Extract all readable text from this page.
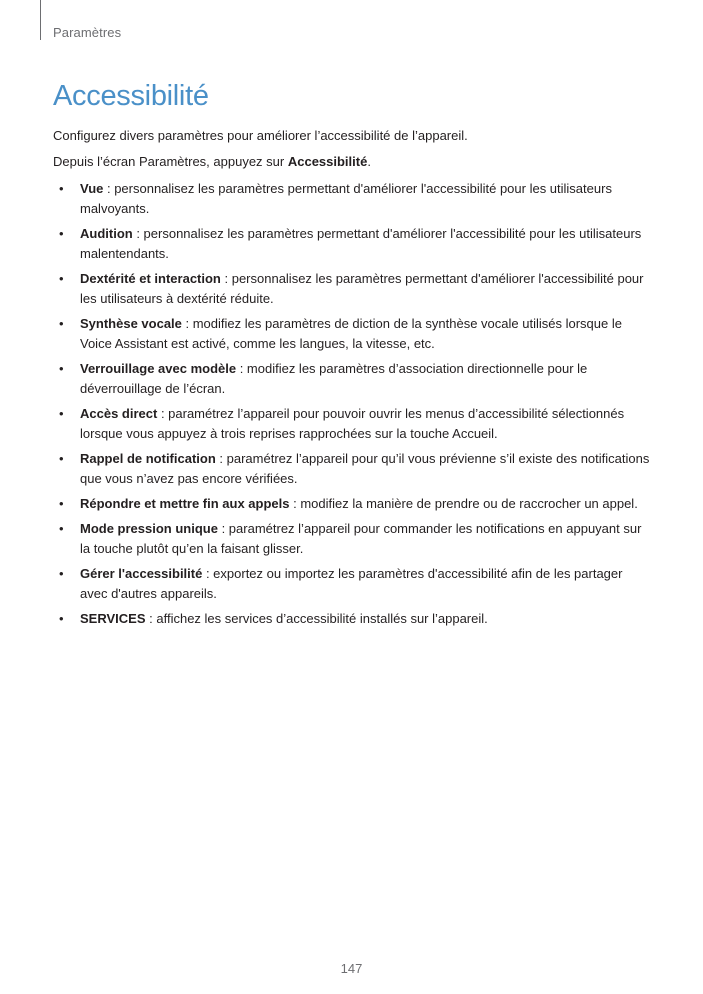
Paramètres
Accessibilité

Configurez divers paramètres pour améliorer l’accessibilité de l’appareil.

Depuis l’écran Paramètres, appuyez sur Accessibilité.

• Vue : personnalisez les paramètres permettant d'améliorer l'accessibilité pour les utilisateurs malvoyants.
• Audition : personnalisez les paramètres permettant d'améliorer l'accessibilité pour les utilisateurs malentendants.
• Dextérité et interaction : personnalisez les paramètres permettant d'améliorer l'accessibilité pour les utilisateurs à dextérité réduite.
• Synthèse vocale : modifiez les paramètres de diction de la synthèse vocale utilisés lorsque le Voice Assistant est activé, comme les langues, la vitesse, etc.
• Verrouillage avec modèle : modifiez les paramètres d’association directionnelle pour le déverrouillage de l’écran.
• Accès direct : paramétrez l’appareil pour pouvoir ouvrir les menus d’accessibilité sélectionnés lorsque vous appuyez à trois reprises rapprochées sur la touche Accueil.
• Rappel de notification : paramétrez l’appareil pour qu’il vous prévienne s’il existe des notifications que vous n’avez pas encore vérifiées.
• Répondre et mettre fin aux appels : modifiez la manière de prendre ou de raccrocher un appel.
• Mode pression unique : paramétrez l’appareil pour commander les notifications en appuyant sur la touche plutôt qu’en la faisant glisser.
• Gérer l'accessibilité : exportez ou importez les paramètres d'accessibilité afin de les partager avec d'autres appareils.
• SERVICES : affichez les services d’accessibilité installés sur l’appareil.
147
